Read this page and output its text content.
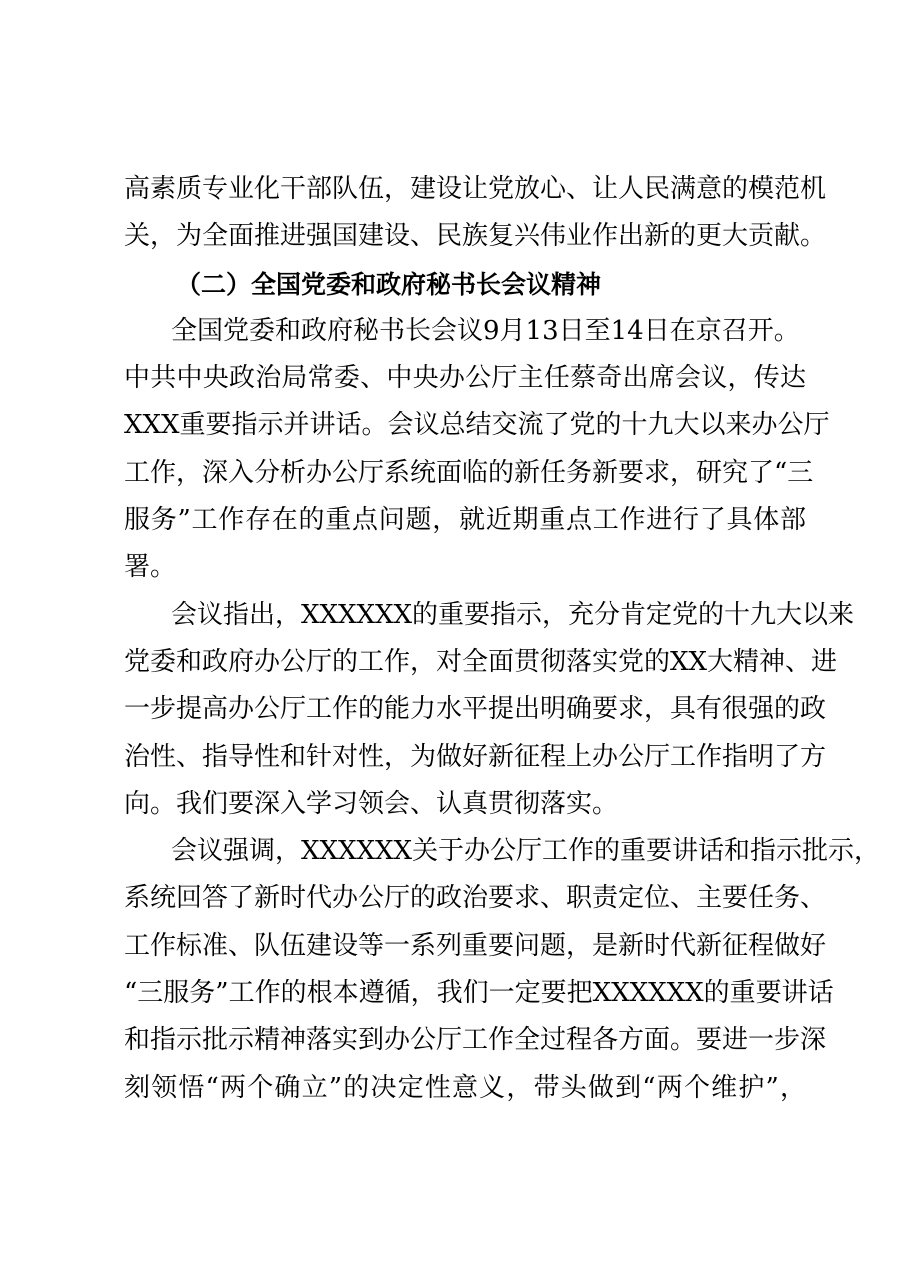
高素质专业化干部队伍，建设让党放心、让人民满意的模范机
关，为全面推进强国建设、民族复兴伟业作出新的更大贡献。
（二）全国党委和政府秘书长会议精神
全国党委和政府秘书长会议9月13日至14日在京召开。
中共中央政治局常委、中央办公厅主任蔡奇出席会议，传达
XXX重要指示并讲话。会议总结交流了党的十九大以来办公厅
工作，深入分析办公厅系统面临的新任务新要求，研究了“三
服务”工作存在的重点问题，就近期重点工作进行了具体部
署。
会议指出，XXXXXX的重要指示，充分肯定党的十九大以来
党委和政府办公厅的工作，对全面贯彻落实党的XX大精神、进
一步提高办公厅工作的能力水平提出明确要求，具有很强的政
治性、指导性和针对性，为做好新征程上办公厅工作指明了方
向。我们要深入学习领会、认真贯彻落实。
会议强调，XXXXXX关于办公厅工作的重要讲话和指示批示，
系统回答了新时代办公厅的政治要求、职责定位、主要任务、
工作标准、队伍建设等一系列重要问题，是新时代新征程做好
“三服务”工作的根本遵循，我们一定要把XXXXXX的重要讲话
和指示批示精神落实到办公厅工作全过程各方面。要进一步深
刻领悟“两个确立”的决定性意义，带头做到“两个维护”，
